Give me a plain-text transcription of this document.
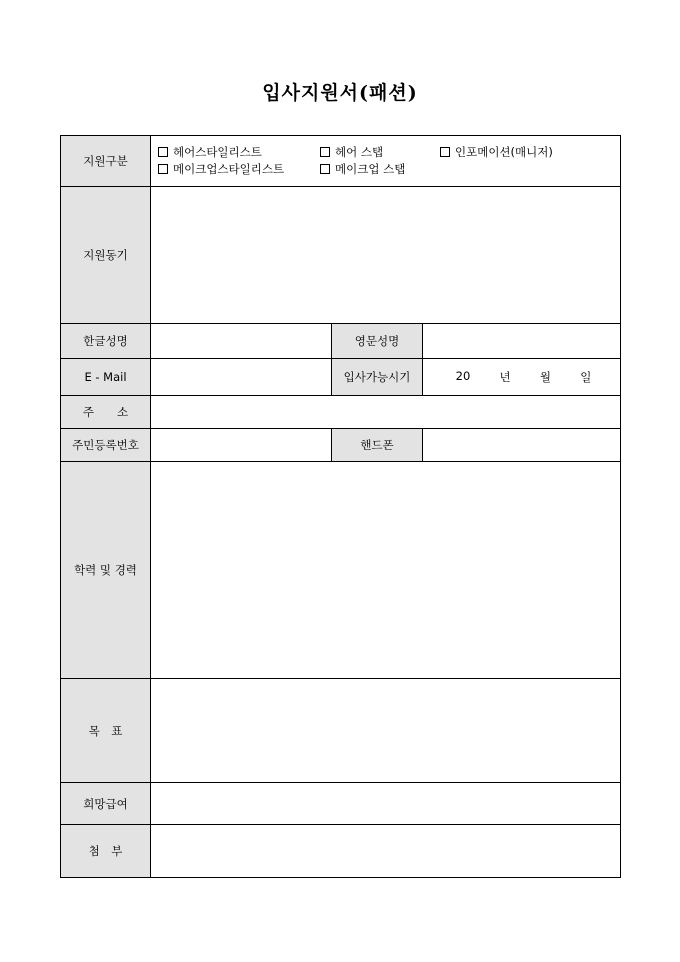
입사지원서(패션)
지원구분	헤어스타일리스트 헤어 스탭 인포메이션(매니저)
메이크업스타일리스트 메이크업 스탭		

지원동기			
한글성명		영문성명	
E - Mail		입사가능시기	20 년 월 일

주　　소			
주민등록번호		핸드폰	
학력 및 경력			
목　표			
희망급여			
첨　부			
